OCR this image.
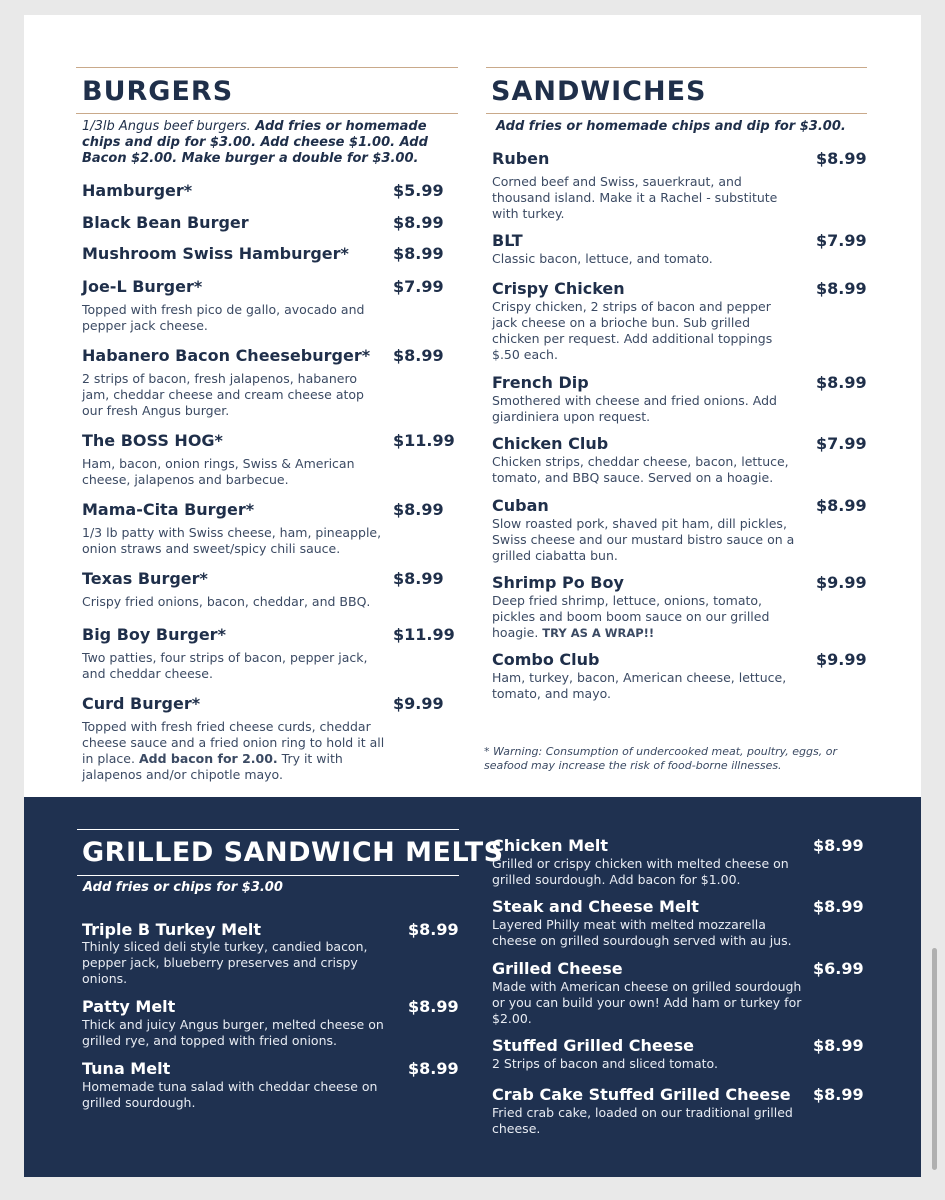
BURGERS
1/3lb Angus beef burgers. Add fries or homemade chips and dip for $3.00. Add cheese $1.00. Add Bacon $2.00. Make burger a double for $3.00.
Hamburger*	$5.99
Black Bean Burger	$8.99
Mushroom Swiss Hamburger*	$8.99
Joe-L Burger*	$7.99
Topped with fresh pico de gallo, avocado and pepper jack cheese.
Habanero Bacon Cheeseburger* $8.99
2 strips of bacon, fresh jalapenos, habanero jam, cheddar cheese and cream cheese atop our fresh Angus burger.
The BOSS HOG*	$11.99
Ham, bacon, onion rings, Swiss & American cheese, jalapenos and barbecue.
Mama-Cita Burger*	$8.99
1/3 lb patty with Swiss cheese, ham, pineapple, onion straws and sweet/spicy chili sauce.
Texas Burger*	$8.99
Crispy fried onions, bacon, cheddar, and BBQ.
Big Boy Burger*	$11.99
Two patties, four strips of bacon, pepper jack, and cheddar cheese.
Curd Burger*	$9.99
Topped with fresh fried cheese curds, cheddar cheese sauce and a fried onion ring to hold it all in place. Add bacon for 2.00. Try it with jalapenos and/or chipotle mayo.
SANDWICHES
Add fries or homemade chips and dip for $3.00.
Ruben	$8.99
Corned beef and Swiss, sauerkraut, and thousand island. Make it a Rachel - substitute with turkey.
BLT	$7.99
Classic bacon, lettuce, and tomato.
Crispy Chicken	$8.99
Crispy chicken, 2 strips of bacon and pepper jack cheese on a brioche bun. Sub grilled chicken per request. Add additional toppings $.50 each.
French Dip	$8.99
Smothered with cheese and fried onions. Add giardiniera upon request.
Chicken Club	$7.99
Chicken strips, cheddar cheese, bacon, lettuce, tomato, and BBQ sauce. Served on a hoagie.
Cuban	$8.99
Slow roasted pork, shaved pit ham, dill pickles, Swiss cheese and our mustard bistro sauce on a grilled ciabatta bun.
Shrimp Po Boy	$9.99
Deep fried shrimp, lettuce, onions, tomato, pickles and boom boom sauce on our grilled hoagie. TRY AS A WRAP!!
Combo Club	$9.99
Ham, turkey, bacon, American cheese, lettuce, tomato, and mayo.
* Warning: Consumption of undercooked meat, poultry, eggs, or seafood may increase the risk of food-borne illnesses.
GRILLED SANDWICH MELTS
Add fries or chips for $3.00
Triple B Turkey Melt	$8.99
Thinly sliced deli style turkey, candied bacon, pepper jack, blueberry preserves and crispy onions.
Patty Melt	$8.99
Thick and juicy Angus burger, melted cheese on grilled rye, and topped with fried onions.
Tuna Melt	$8.99
Homemade tuna salad with cheddar cheese on grilled sourdough.
Chicken Melt	$8.99
Grilled or crispy chicken with melted cheese on grilled sourdough. Add bacon for $1.00.
Steak and Cheese Melt	$8.99
Layered Philly meat with melted mozzarella cheese on grilled sourdough served with au jus.
Grilled Cheese	$6.99
Made with American cheese on grilled sourdough or you can build your own! Add ham or turkey for $2.00.
Stuffed Grilled Cheese	$8.99
2 Strips of bacon and sliced tomato.
Crab Cake Stuffed Grilled Cheese $8.99
Fried crab cake, loaded on our traditional grilled cheese.
